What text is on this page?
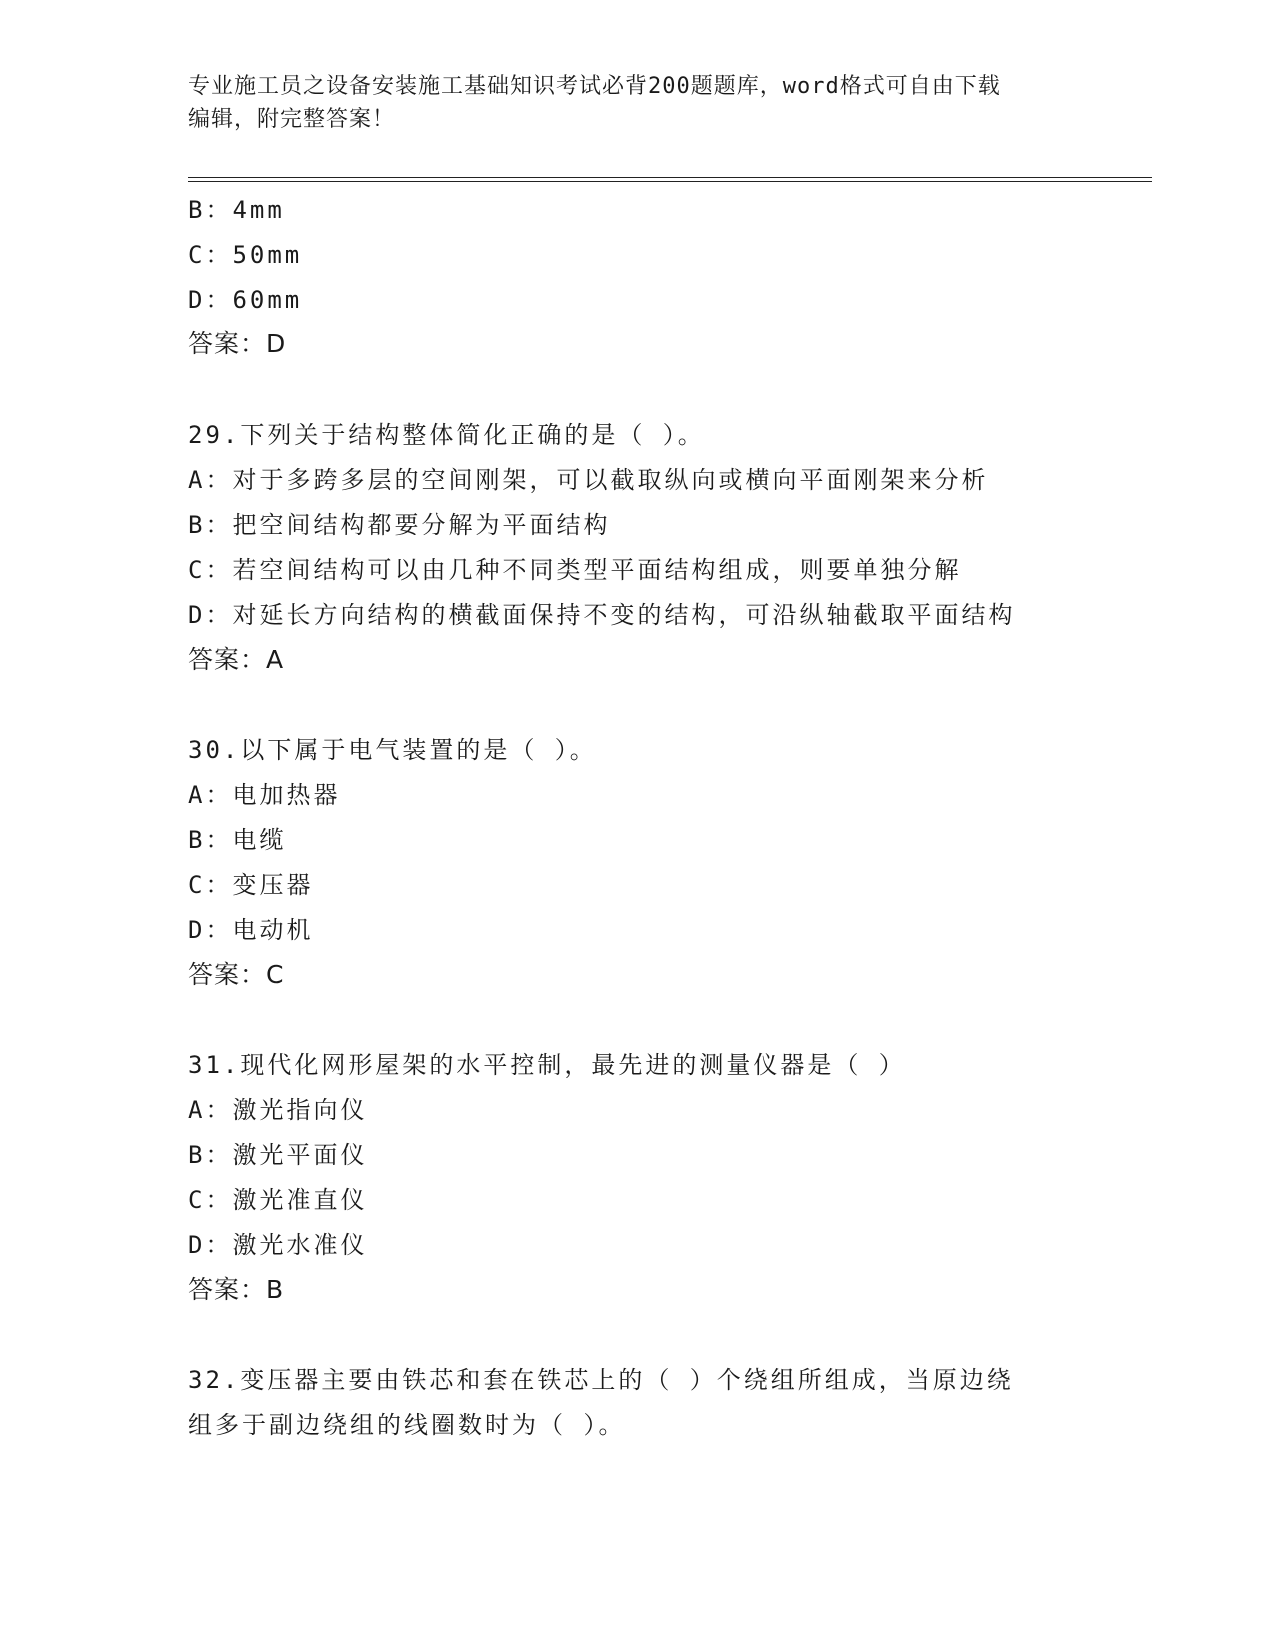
专业施工员之设备安装施工基础知识考试必背200题题库，word格式可自由下载
编辑，附完整答案！
B：4mm
C：50mm
D：60mm
答案：D
29.下列关于结构整体简化正确的是（ ）。
A：对于多跨多层的空间刚架，可以截取纵向或横向平面刚架来分析
B：把空间结构都要分解为平面结构
C：若空间结构可以由几种不同类型平面结构组成，则要单独分解
D：对延长方向结构的横截面保持不变的结构，可沿纵轴截取平面结构
答案：A
30.以下属于电气装置的是（ ）。
A：电加热器
B：电缆
C：变压器
D：电动机
答案：C
31.现代化网形屋架的水平控制，最先进的测量仪器是（ ）
A：激光指向仪
B：激光平面仪
C：激光准直仪
D：激光水准仪
答案：B
32.变压器主要由铁芯和套在铁芯上的（ ）个绕组所组成，当原边绕
组多于副边绕组的线圈数时为（ ）。
